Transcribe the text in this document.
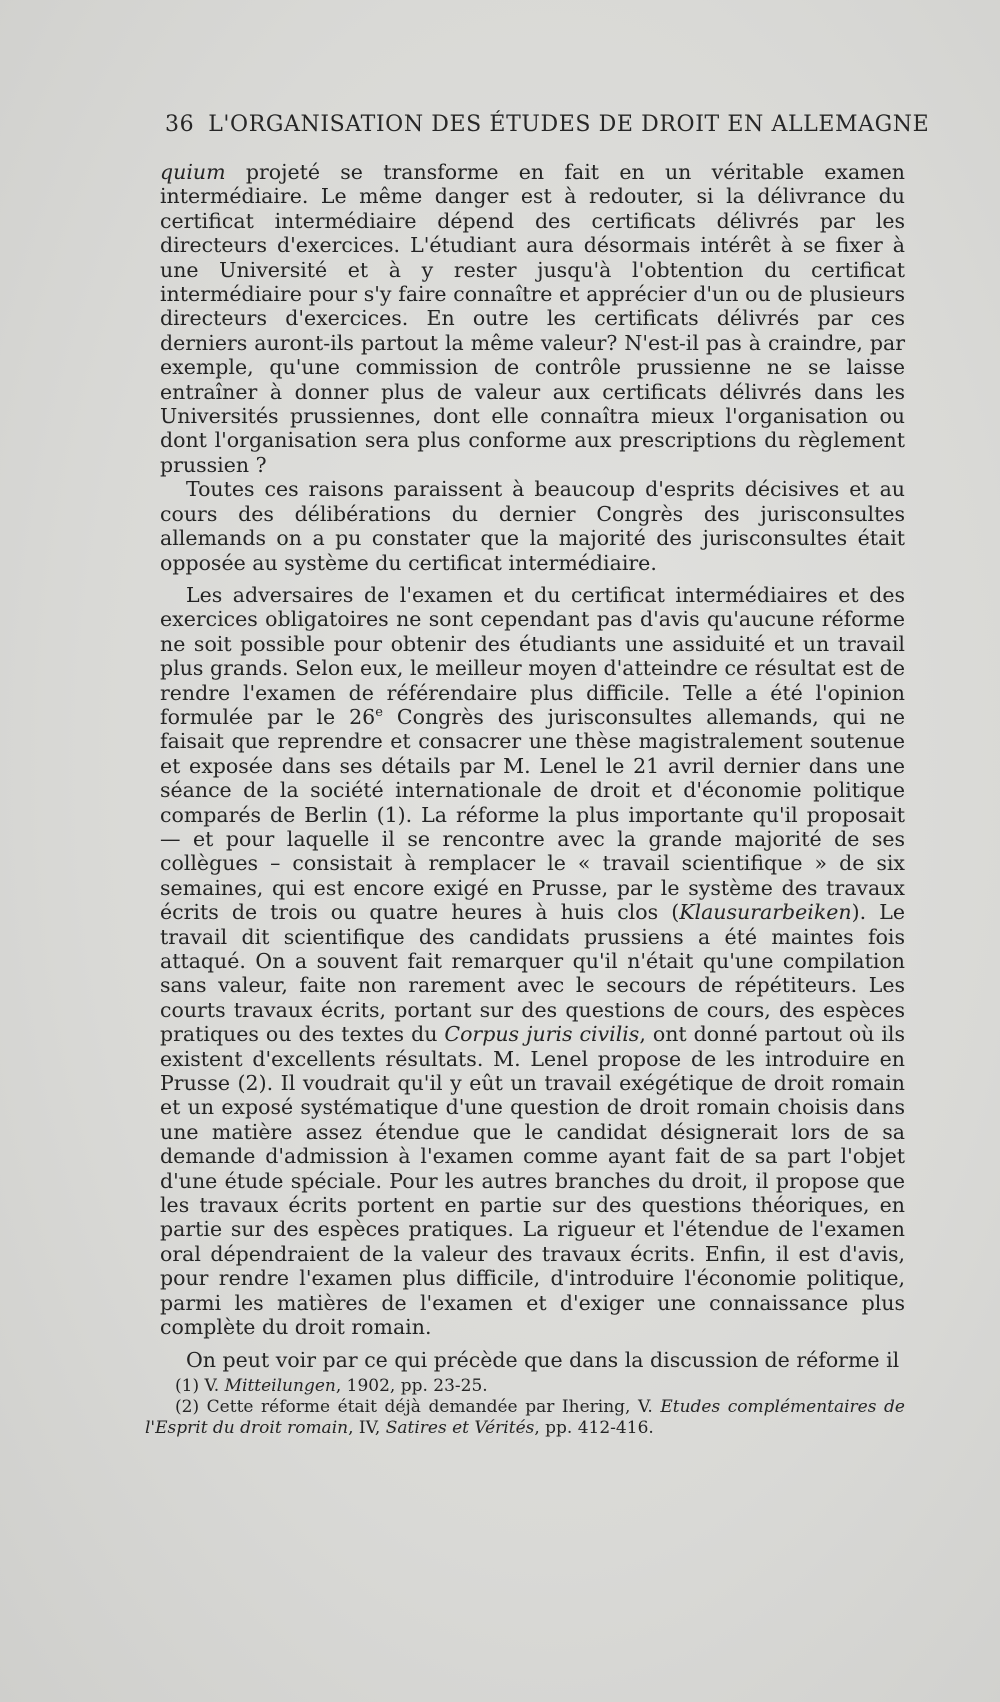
36 L'ORGANISATION DES ÉTUDES DE DROIT EN ALLEMAGNE

quium projeté se transforme en fait en un véritable examen intermédiaire. Le même danger est à redouter, si la délivrance du certificat intermédiaire dépend des certificats délivrés par les directeurs d'exercices. L'étudiant aura désormais intérêt à se fixer à une Université et à y rester jusqu'à l'obtention du certificat intermédiaire pour s'y faire connaître et apprécier d'un ou de plusieurs directeurs d'exercices. En outre les certificats délivrés par ces derniers auront-ils partout la même valeur? N'est-il pas à craindre, par exemple, qu'une commission de contrôle prussienne ne se laisse entraîner à donner plus de valeur aux certificats délivrés dans les Universités prussiennes, dont elle connaîtra mieux l'organisation ou dont l'organisation sera plus conforme aux prescriptions du règlement prussien ?

Toutes ces raisons paraissent à beaucoup d'esprits décisives et au cours des délibérations du dernier Congrès des jurisconsultes allemands on a pu constater que la majorité des jurisconsultes était opposée au système du certificat intermédiaire.

Les adversaires de l'examen et du certificat intermédiaires et des exercices obligatoires ne sont cependant pas d'avis qu'aucune réforme ne soit possible pour obtenir des étudiants une assiduité et un travail plus grands. Selon eux, le meilleur moyen d'atteindre ce résultat est de rendre l'examen de référendaire plus difficile. Telle a été l'opinion formulée par le 26e Congrès des jurisconsultes allemands, qui ne faisait que reprendre et consacrer une thèse magistralement soutenue et exposée dans ses détails par M. Lenel le 21 avril dernier dans une séance de la société internationale de droit et d'économie politique comparés de Berlin (1). La réforme la plus importante qu'il proposait — et pour laquelle il se rencontre avec la grande majorité de ses collègues – consistait à remplacer le « travail scientifique » de six semaines, qui est encore exigé en Prusse, par le système des travaux écrits de trois ou quatre heures à huis clos (Klausurarbeiken). Le travail dit scientifique des candidats prussiens a été maintes fois attaqué. On a souvent fait remarquer qu'il n'était qu'une compilation sans valeur, faite non rarement avec le secours de répétiteurs. Les courts travaux écrits, portant sur des questions de cours, des espèces pratiques ou des textes du Corpus juris civilis, ont donné partout où ils existent d'excellents résultats. M. Lenel propose de les introduire en Prusse (2). Il voudrait qu'il y eût un travail exégétique de droit romain et un exposé systématique d'une question de droit romain choisis dans une matière assez étendue que le candidat désignerait lors de sa demande d'admission à l'examen comme ayant fait de sa part l'objet d'une étude spéciale. Pour les autres branches du droit, il propose que les travaux écrits portent en partie sur des questions théoriques, en partie sur des espèces pratiques. La rigueur et l'étendue de l'examen oral dépendraient de la valeur des travaux écrits. Enfin, il est d'avis, pour rendre l'examen plus difficile, d'introduire l'économie politique, parmi les matières de l'examen et d'exiger une connaissance plus complète du droit romain.

On peut voir par ce qui précède que dans la discussion de réforme il

(1) V. Mitteilungen, 1902, pp. 23-25.

(2) Cette réforme était déjà demandée par Ihering, V. Etudes complémentaires de l'Esprit du droit romain, IV, Satires et Vérités, pp. 412-416.
